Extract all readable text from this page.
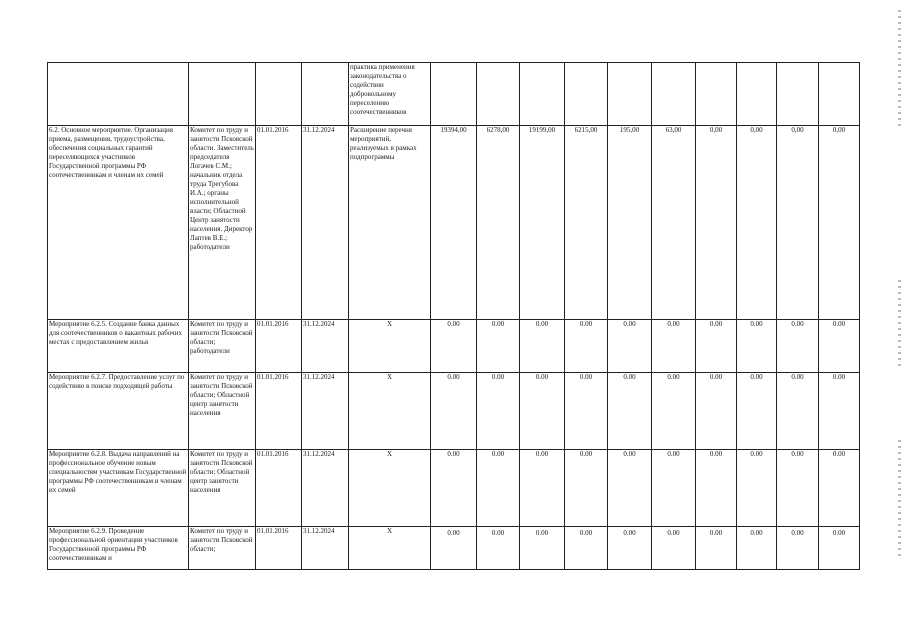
				практика применения законодательства о содействии добровольному переселению соотечественников										
6.2. Основное мероприятие. Организация приема, размещения, трудоустройства, обеспечения социальных гарантий переселяющихся участников Государственной программы РФ соотечественникам и членам их семей	Комитет по труду и занятости Псковской области. Заместитель председателя Логачев С.М.; начальник отдела труда Трегубова И.А.; органы исполнительной власти; Областной Центр занятости населения. Директор Лаптев В.Е.; работодатели	01.01.2016	31.12.2024	Расширение перечня мероприятий, реализуемых в рамках подпрограммы	19394,00	6278,00	19199,00	6215,00	195,00	63,00	0,00	0,00	0,00	0,00
Мероприятие 6.2.5. Создание банка данных для соотечественников о вакантных рабочих местах с предоставлением жилья	Комитет по труду и занятости Псковской области; работодатели	01.01.2016	31.12.2024	X	0.00	0.00	0.00	0.00	0.00	0.00	0.00	0.00	0.00	0.00
Мероприятие 6.2.7. Предоставление услуг по содействию в поиске подходящей работы	Комитет по труду и занятости Псковской области; Областной центр занятости населения	01.01.2016	31.12.2024	X	0.00	0.00	0.00	0.00	0.00	0.00	0.00	0.00	0.00	0.00
Мероприятие 6.2.8. Выдача направлений на профессиональное обучение новым специальностям участникам Государственной программы РФ соотечественникам и членам их семей	Комитет по труду и занятости Псковской области; Областной центр занятости населения	01.01.2016	31.12.2024	X	0.00	0.00	0.00	0.00	0.00	0.00	0.00	0.00	0.00	0.00
Мероприятие 6.2.9. Проведение профессиональной ориентации участников Государственной программы РФ соотечественникам и	Комитет по труду и занятости Псковской области;	01.01.2016	31.12.2024	X	0.00	0.00	0.00	0.00	0.00	0.00	0.00	0.00	0.00	0.00
